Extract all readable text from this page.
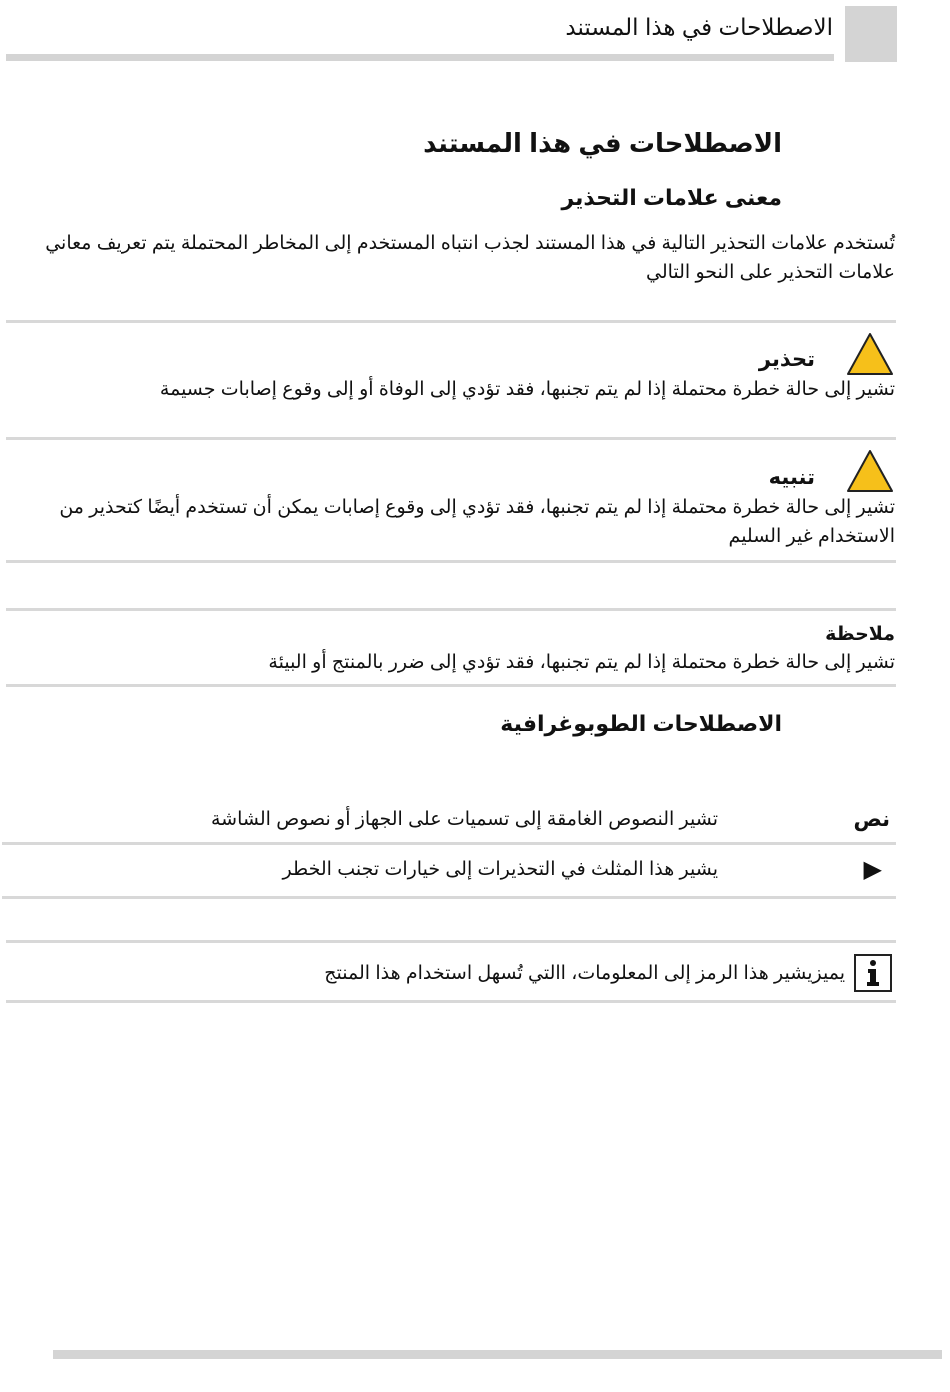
الاصطلاحات في هذا المستند
الاصطلاحات في هذا المستند
معنى علامات التحذير
تُستخدم علامات التحذير التالية في هذا المستند لجذب انتباه المستخدم إلى المخاطر المحتملة يتم تعريف معاني علامات التحذير على النحو التالي
تحذير
تشير إلى حالة خطرة محتملة إذا لم يتم تجنبها، فقد تؤدي إلى الوفاة أو إلى وقوع إصابات جسيمة
تنبيه
تشير إلى حالة خطرة محتملة إذا لم يتم تجنبها، فقد تؤدي إلى وقوع إصابات يمكن أن تستخدم أيضًا كتحذير من الاستخدام غير السليم
ملاحظة
تشير إلى حالة خطرة محتملة إذا لم يتم تجنبها، فقد تؤدي إلى ضرر بالمنتج أو البيئة
الاصطلاحات الطوبوغرافية
نص
تشير النصوص الغامقة إلى تسميات على الجهاز أو نصوص الشاشة
▶
يشير هذا المثلث في التحذيرات إلى خيارات تجنب الخطر
يميزيشير هذا الرمز إلى المعلومات، االتي تُسهل استخدام هذا المنتج
